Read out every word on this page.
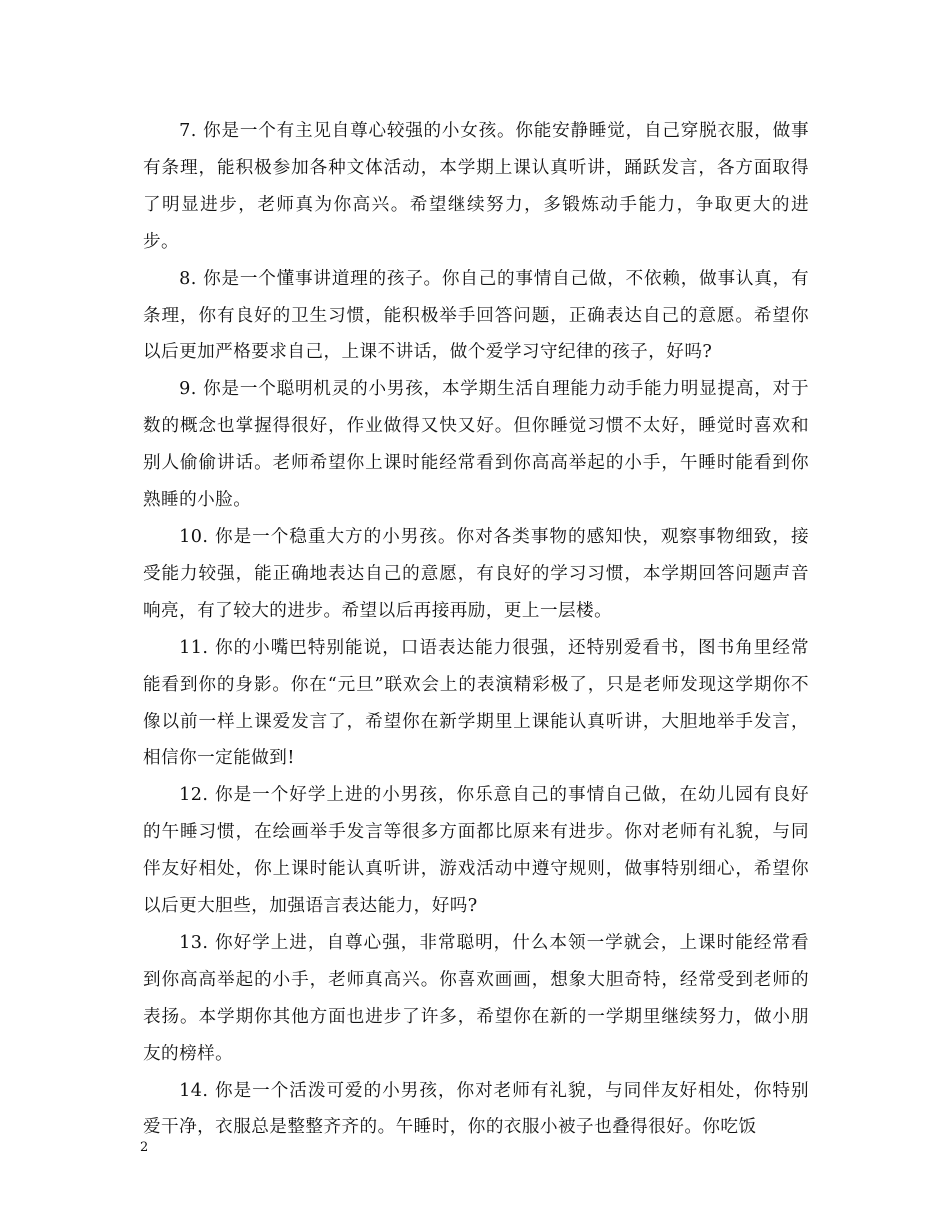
7. 你是一个有主见自尊心较强的小女孩。你能安静睡觉，自己穿脱衣服，做事有条理，能积极参加各种文体活动，本学期上课认真听讲，踊跃发言，各方面取得了明显进步，老师真为你高兴。希望继续努力，多锻炼动手能力，争取更大的进步。

8. 你是一个懂事讲道理的孩子。你自己的事情自己做，不依赖，做事认真，有条理，你有良好的卫生习惯，能积极举手回答问题，正确表达自己的意愿。希望你以后更加严格要求自己，上课不讲话，做个爱学习守纪律的孩子，好吗?

9. 你是一个聪明机灵的小男孩，本学期生活自理能力动手能力明显提高，对于数的概念也掌握得很好，作业做得又快又好。但你睡觉习惯不太好，睡觉时喜欢和别人偷偷讲话。老师希望你上课时能经常看到你高高举起的小手，午睡时能看到你熟睡的小脸。

10. 你是一个稳重大方的小男孩。你对各类事物的感知快，观察事物细致，接受能力较强，能正确地表达自己的意愿，有良好的学习习惯，本学期回答问题声音响亮，有了较大的进步。希望以后再接再励，更上一层楼。

11. 你的小嘴巴特别能说，口语表达能力很强，还特别爱看书，图书角里经常能看到你的身影。你在“元旦”联欢会上的表演精彩极了，只是老师发现这学期你不像以前一样上课爱发言了，希望你在新学期里上课能认真听讲，大胆地举手发言，相信你一定能做到!

12. 你是一个好学上进的小男孩，你乐意自己的事情自己做，在幼儿园有良好的午睡习惯，在绘画举手发言等很多方面都比原来有进步。你对老师有礼貌，与同伴友好相处，你上课时能认真听讲，游戏活动中遵守规则，做事特别细心，希望你以后更大胆些，加强语言表达能力，好吗?

13. 你好学上进，自尊心强，非常聪明，什么本领一学就会，上课时能经常看到你高高举起的小手，老师真高兴。你喜欢画画，想象大胆奇特，经常受到老师的表扬。本学期你其他方面也进步了许多，希望你在新的一学期里继续努力，做小朋友的榜样。

14. 你是一个活泼可爱的小男孩，你对老师有礼貌，与同伴友好相处，你特别爱干净，衣服总是整整齐齐的。午睡时，你的衣服小被子也叠得很好。你吃饭

2
